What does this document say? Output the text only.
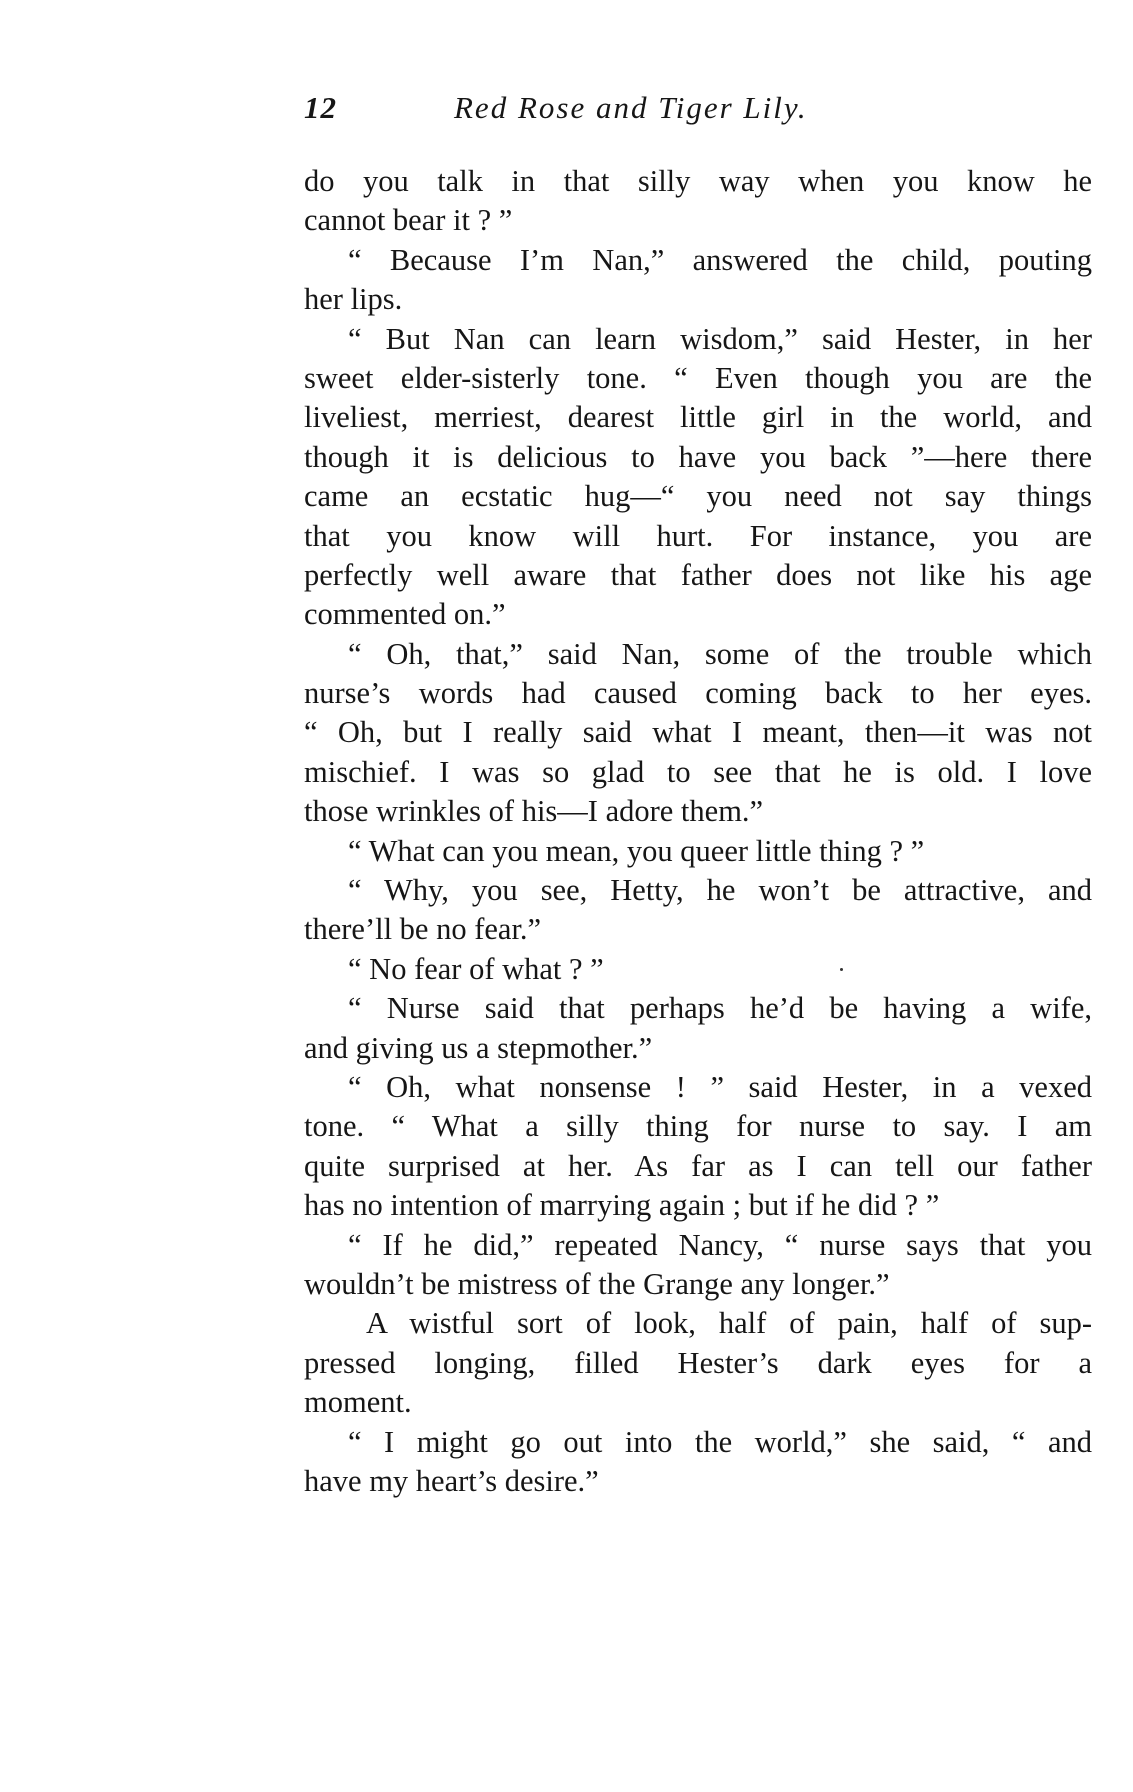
12	Red Rose and Tiger Lily.
do you talk in that silly way when you know he
cannot bear it ? ”
“ Because I’m Nan,” answered the child, pouting
her lips.
“ But Nan can learn wisdom,” said Hester, in her
sweet elder-sisterly tone. “ Even though you are the
liveliest, merriest, dearest little girl in the world, and
though it is delicious to have you back ”—here there
came an ecstatic hug—“ you need not say things
that you know will hurt. For instance, you are
perfectly well aware that father does not like his age
commented on.”
“ Oh, that,” said Nan, some of the trouble which
nurse’s words had caused coming back to her eyes.
“ Oh, but I really said what I meant, then—it was not
mischief. I was so glad to see that he is old. I love
those wrinkles of his—I adore them.”
“ What can you mean, you queer little thing ? ”
“ Why, you see, Hetty, he won’t be attractive, and
there’ll be no fear.”
“ No fear of what ? ”
“ Nurse said that perhaps he’d be having a wife,
and giving us a stepmother.”
“ Oh, what nonsense ! ” said Hester, in a vexed
tone. “ What a silly thing for nurse to say. I am
quite surprised at her. As far as I can tell our father
has no intention of marrying again ; but if he did ? ”
“ If he did,” repeated Nancy, “ nurse says that you
wouldn’t be mistress of the Grange any longer.”
A wistful sort of look, half of pain, half of sup-
pressed longing, filled Hester’s dark eyes for a
moment.
“ I might go out into the world,” she said, “ and
have my heart’s desire.”
